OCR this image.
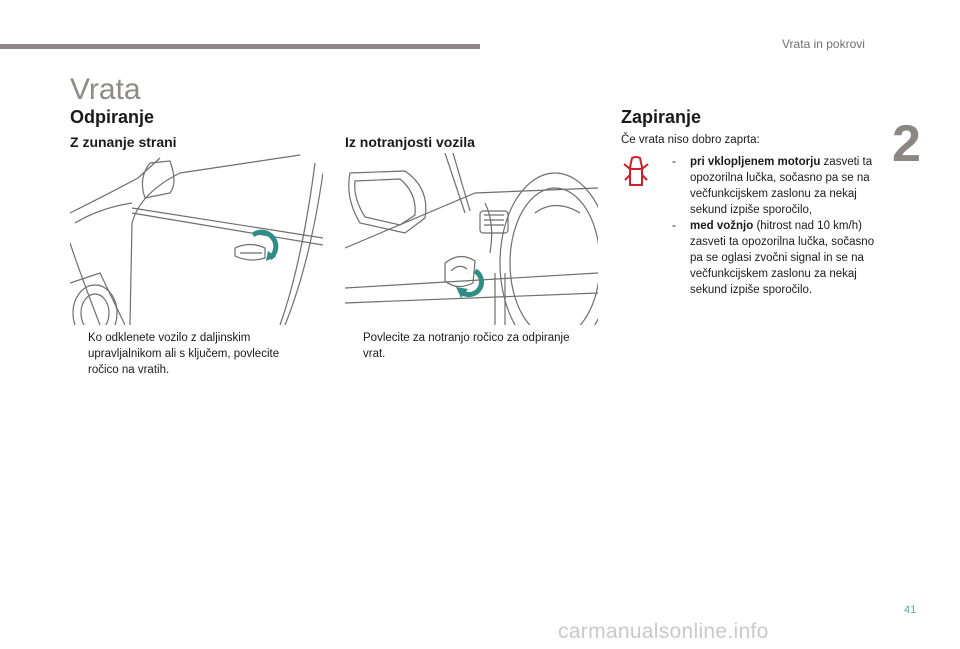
Vrata in pokrovi
2
Vrata
Odpiranje
Z zunanje strani	Iz notranjosti vozila
Ko odklenete vozilo z daljinskim upravljalnikom ali s ključem, povlecite ročico na vratih.
Povlecite za notranjo ročico za odpiranje vrat.
Zapiranje
Če vrata niso dobro zaprta:
-	pri vklopljenem motorju zasveti ta opozorilna lučka, sočasno pa se na večfunkcijskem zaslonu za nekaj sekund izpiše sporočilo,
-	med vožnjo (hitrost nad 10 km/h) zasveti ta opozorilna lučka, sočasno pa se oglasi zvočni signal in se na večfunkcijskem zaslonu za nekaj sekund izpiše sporočilo.
41
carmanualsonline.info
